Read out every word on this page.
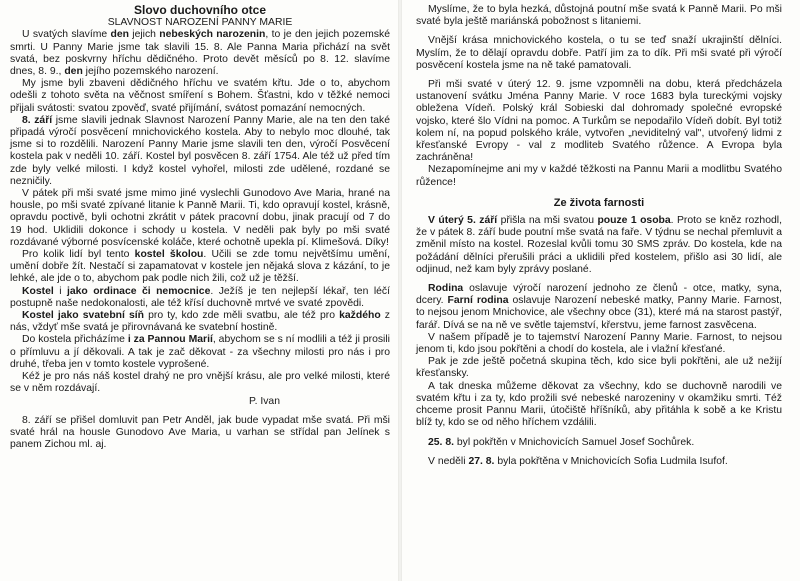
Slovo duchovního otce
SLAVNOST NAROZENÍ PANNY MARIE

U svatých slavíme den jejich nebeských narozenin, to je den jejich pozemské smrti. U Panny Marie jsme tak slavili 15. 8. Ale Panna Maria přichází na svět svatá, bez poskvrny hříchu dědičného. Proto devět měsíců po 8. 12. slavíme dnes, 8. 9., den jejího pozemského narození.

My jsme byli zbaveni dědičného hříchu ve svatém křtu. Jde o to, abychom odešli z tohoto světa na věčnost smíření s Bohem. Šťastni, kdo v těžké nemoci přijali svátosti: svatou zpověď, svaté přijímání, svátost pomazání nemocných.

8. září jsme slavili jednak Slavnost Narození Panny Marie, ale na ten den také připadá výročí posvěcení mnichovického kostela. Aby to nebylo moc dlouhé, tak jsme si to rozdělili. Narození Panny Marie jsme slavili ten den, výročí Posvěcení kostela pak v neděli 10. září. Kostel byl posvěcen 8. září 1754. Ale též už před tím zde byly velké milosti. I když kostel vyhořel, milosti zde udělené, rozdané se nezničily.

V pátek při mši svaté jsme mimo jiné vyslechli Gunodovo Ave Maria, hrané na housle, po mši svaté zpívané litanie k Panně Marii. Ti, kdo opravují kostel, krásně, opravdu poctivě, byli ochotni zkrátit v pátek pracovní dobu, jinak pracují od 7 do 19 hod. Uklidili dokonce i schody u kostela. V neděli pak byly po mši svaté rozdávané výborné posvícenské koláče, které ochotně upekla pí. Klimešová. Díky!

Pro kolik lidí byl tento kostel školou. Učili se zde tomu největšímu umění, umění dobře žít. Nestačí si zapamatovat v kostele jen nějaká slova z kázání, to je lehké, ale jde o to, abychom pak podle nich žili, což už je těžší.

Kostel i jako ordinace či nemocnice. Ježíš je ten nejlepší lékař, ten léčí postupně naše nedokonalosti, ale též křísí duchovně mrtvé ve svaté zpovědi.

Kostel jako svatební síň pro ty, kdo zde měli svatbu, ale též pro každého z nás, vždyť mše svatá je přirovnávaná ke svatební hostině.

Do kostela přicházíme i za Pannou Marií, abychom se s ní modlili a též ji prosili o přímluvu a jí děkovali. A tak je zač děkovat - za všechny milosti pro nás i pro druhé, třeba jen v tomto kostele vyprošené.

Kéž je pro nás náš kostel drahý ne pro vnější krásu, ale pro velké milosti, které se v něm rozdávají.

P. Ivan

8. září se přišel domluvit pan Petr Anděl, jak bude vypadat mše svatá. Při mši svaté hrál na housle Gunodovo Ave Maria, u varhan se střídal pan Jelínek s panem Zichou ml. aj.

Myslíme, že to byla hezká, důstojná poutní mše svatá k Panně Marii. Po mši svaté byla ještě mariánská pobožnost s litaniemi.

Vnější krása mnichovického kostela, o tu se teď snaží ukrajinští dělníci. Myslím, že to dělají opravdu dobře. Patří jim za to dík. Při mši svaté při výročí posvěcení kostela jsme na ně také pamatovali.

Při mši svaté v úterý 12. 9. jsme vzpomněli na dobu, která předcházela ustanovení svátku Jména Panny Marie. V roce 1683 byla tureckými vojsky obležena Vídeň. Polský král Sobieski dal dohromady společné evropské vojsko, které šlo Vídni na pomoc. A Turkům se nepodařilo Vídeň dobít. Byl totiž kolem ní, na popud polského krále, vytvořen „neviditelný val", utvořený lidmi z křesťanské Evropy - val z modliteb Svatého růžence. A Evropa byla zachráněna!

Nezapomínejme ani my v každé těžkosti na Pannu Marii a modlitbu Svatého růžence!

Ze života farnosti

V úterý 5. září přišla na mši svatou pouze 1 osoba. Proto se kněz rozhodl, že v pátek 8. září bude poutní mše svatá na faře. V týdnu se nechal přemluvit a změnil místo na kostel. Rozeslal kvůli tomu 30 SMS zpráv. Do kostela, kde na požádání dělníci přerušili práci a uklidili před kostelem, přišlo asi 30 lidí, ale odjinud, než kam byly zprávy poslané.

Rodina oslavuje výročí narození jednoho ze členů - otce, matky, syna, dcery. Farní rodina oslavuje Narození nebeské matky, Panny Marie. Farnost, to nejsou jenom Mnichovice, ale všechny obce (31), které má na starost pastýř, farář. Dívá se na ně ve světle tajemství, křerstvu, jeme farnost zasvěcena.

V našem případě je to tajemství Narození Panny Marie. Farnost, to nejsou jenom ti, kdo jsou pokřtěni a chodí do kostela, ale i vlažní křesťané.

Pak je zde ještě početná skupina těch, kdo sice byli pokřtěni, ale už nežijí křesťansky.

A tak dneska můžeme děkovat za všechny, kdo se duchovně narodili ve svatém křtu i za ty, kdo prožili své nebeské narozeniny v okamžiku smrti. Též chceme prosit Pannu Marii, útočiště hříšníků, aby přitáhla k sobě a ke Kristu blíž ty, kdo se od něho hříchem vzdálili.

25. 8. byl pokřtěn v Mnichovicích Samuel Josef Sochůrek.

V neděli 27. 8. byla pokřtěna v Mnichovicích Sofia Ludmila Isufof.
